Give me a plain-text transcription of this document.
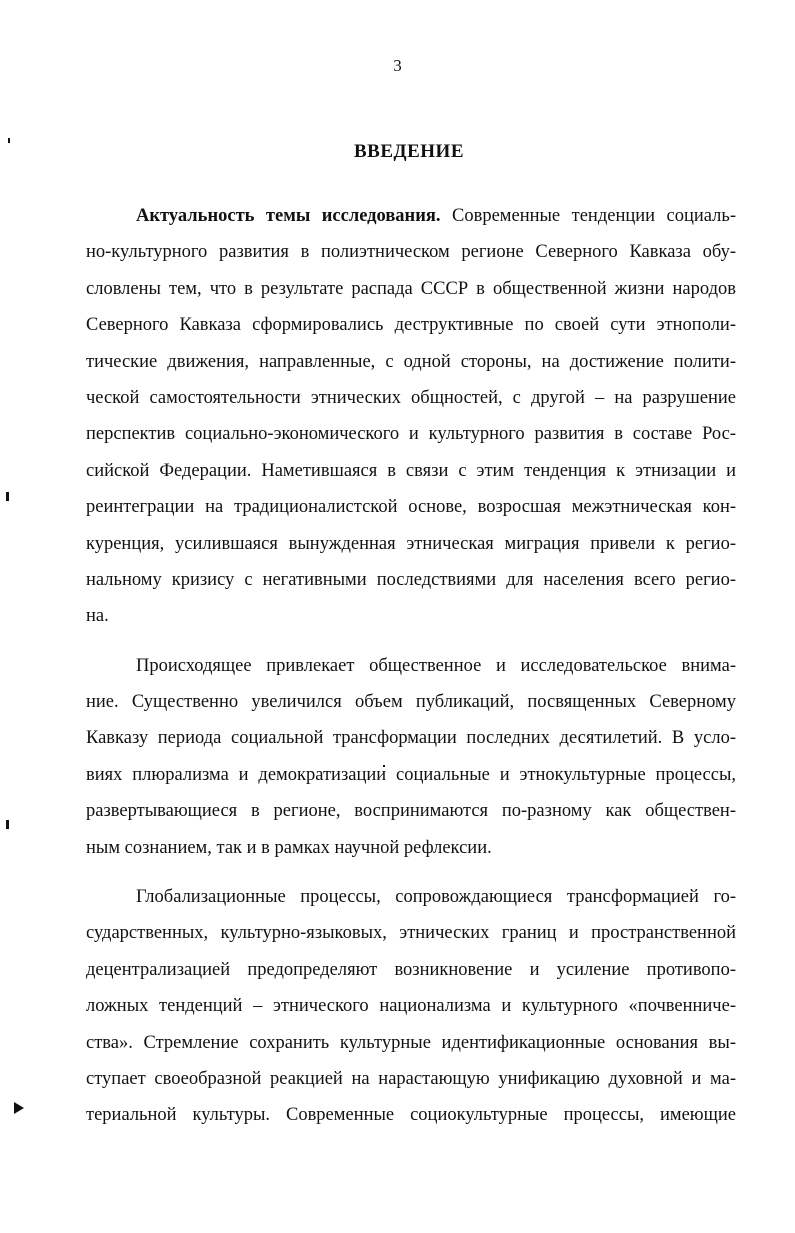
3
ВВЕДЕНИЕ
Актуальность темы исследования. Современные тенденции социаль-
но-культурного развития в полиэтническом регионе Северного Кавказа обу-
словлены тем, что в результате распада СССР в общественной жизни народов
Северного Кавказа сформировались деструктивные по своей сути этнополи-
тические движения, направленные, с одной стороны, на достижение полити-
ческой самостоятельности этнических общностей, с другой – на разрушение
перспектив социально-экономического и культурного развития в составе Рос-
сийской Федерации. Наметившаяся в связи с этим тенденция к этнизации и
реинтеграции на традиционалистской основе, возросшая межэтническая кон-
куренция, усилившаяся вынужденная этническая миграция привели к регио-
нальному кризису с негативными последствиями для населения всего регио-
на.
Происходящее привлекает общественное и исследовательское внима-
ние. Существенно увеличился объем публикаций, посвященных Северному
Кавказу периода социальной трансформации последних десятилетий. В усло-
виях плюрализма и демократизации социальные и этнокультурные процессы,
развертывающиеся в регионе, воспринимаются по-разному как обществен-
ным сознанием, так и в рамках научной рефлексии.
Глобализационные процессы, сопровождающиеся трансформацией го-
сударственных, культурно-языковых, этнических границ и пространственной
децентрализацией предопределяют возникновение и усиление противопо-
ложных тенденций – этнического национализма и культурного «почвенниче-
ства». Стремление сохранить культурные идентификационные основания вы-
ступает своеобразной реакцией на нарастающую унификацию духовной и ма-
териальной культуры. Современные социокультурные процессы, имеющие
